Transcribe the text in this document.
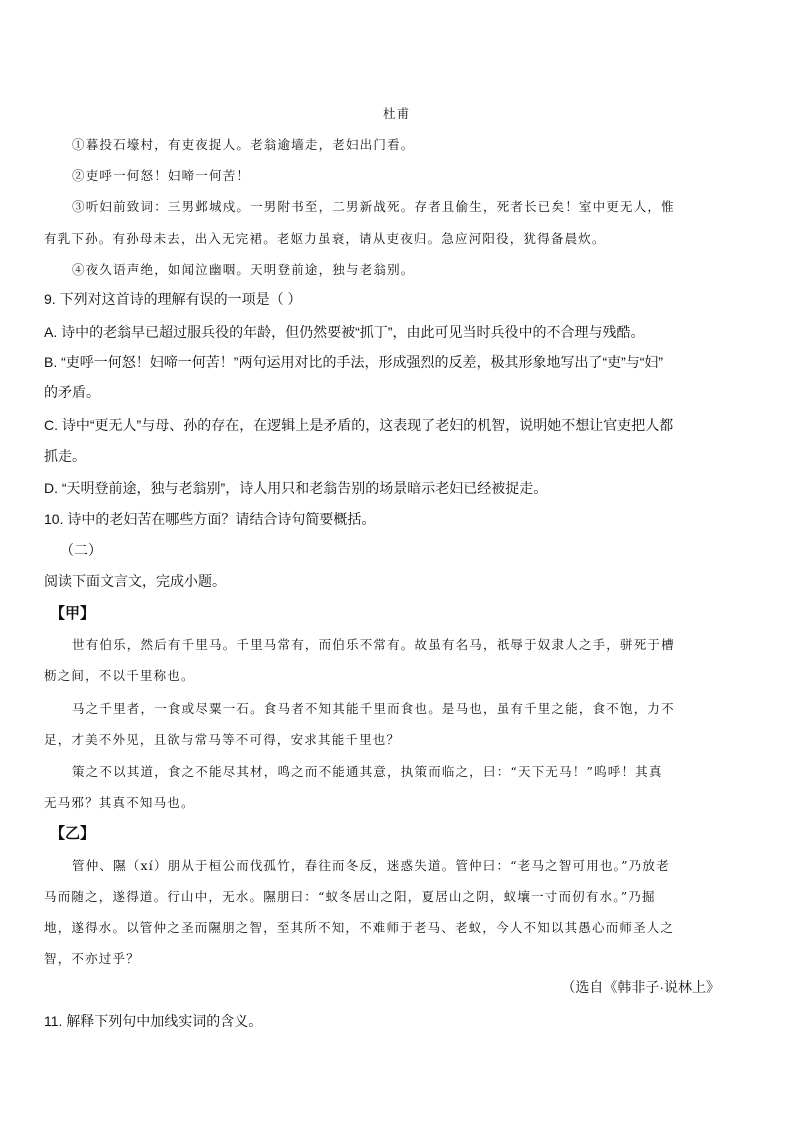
杜甫
①暮投石壕村，有吏夜捉人。老翁逾墙走，老妇出门看。
②吏呼一何怒！妇啼一何苦！
③听妇前致词：三男邺城戍。一男附书至，二男新战死。存者且偷生，死者长已矣！室中更无人，惟
有乳下孙。有孙母未去，出入无完裙。老妪力虽衰，请从吏夜归。急应河阳役，犹得备晨炊。
④夜久语声绝，如闻泣幽咽。天明登前途，独与老翁别。
9. 下列对这首诗的理解有误的一项是（ ）
A. 诗中的老翁早已超过服兵役的年龄，但仍然要被“抓丁”，由此可见当时兵役中的不合理与残酷。
B. “吏呼一何怒！妇啼一何苦！”两句运用对比的手法，形成强烈的反差，极其形象地写出了“吏”与“妇”
的矛盾。
C. 诗中“更无人”与母、孙的存在，在逻辑上是矛盾的，这表现了老妇的机智，说明她不想让官吏把人都
抓走。
D. “天明登前途，独与老翁别”，诗人用只和老翁告别的场景暗示老妇已经被捉走。
10. 诗中的老妇苦在哪些方面？请结合诗句简要概括。
（二）
阅读下面文言文，完成小题。
【甲】
世有伯乐，然后有千里马。千里马常有，而伯乐不常有。故虽有名马，祇辱于奴隶人之手，骈死于槽
枥之间，不以千里称也。
马之千里者，一食或尽粟一石。食马者不知其能千里而食也。是马也，虽有千里之能，食不饱，力不
足，才美不外见，且欲与常马等不可得，安求其能千里也？
策之不以其道，食之不能尽其材，鸣之而不能通其意，执策而临之，曰：“天下无马！”呜呼！其真
无马邪？其真不知马也。
【乙】
管仲、隰（xí）朋从于桓公而伐孤竹，春往而冬反，迷惑失道。管仲曰：“老马之智可用也。”乃放老
马而随之，遂得道。行山中，无水。隰朋曰：“蚁冬居山之阳，夏居山之阴，蚁壤一寸而仞有水。”乃掘
地，遂得水。以管仲之圣而隰朋之智，至其所不知，不难师于老马、老蚁，今人不知以其愚心而师圣人之
智，不亦过乎？
（选自《韩非子·说林上》
11. 解释下列句中加线实词的含义。
